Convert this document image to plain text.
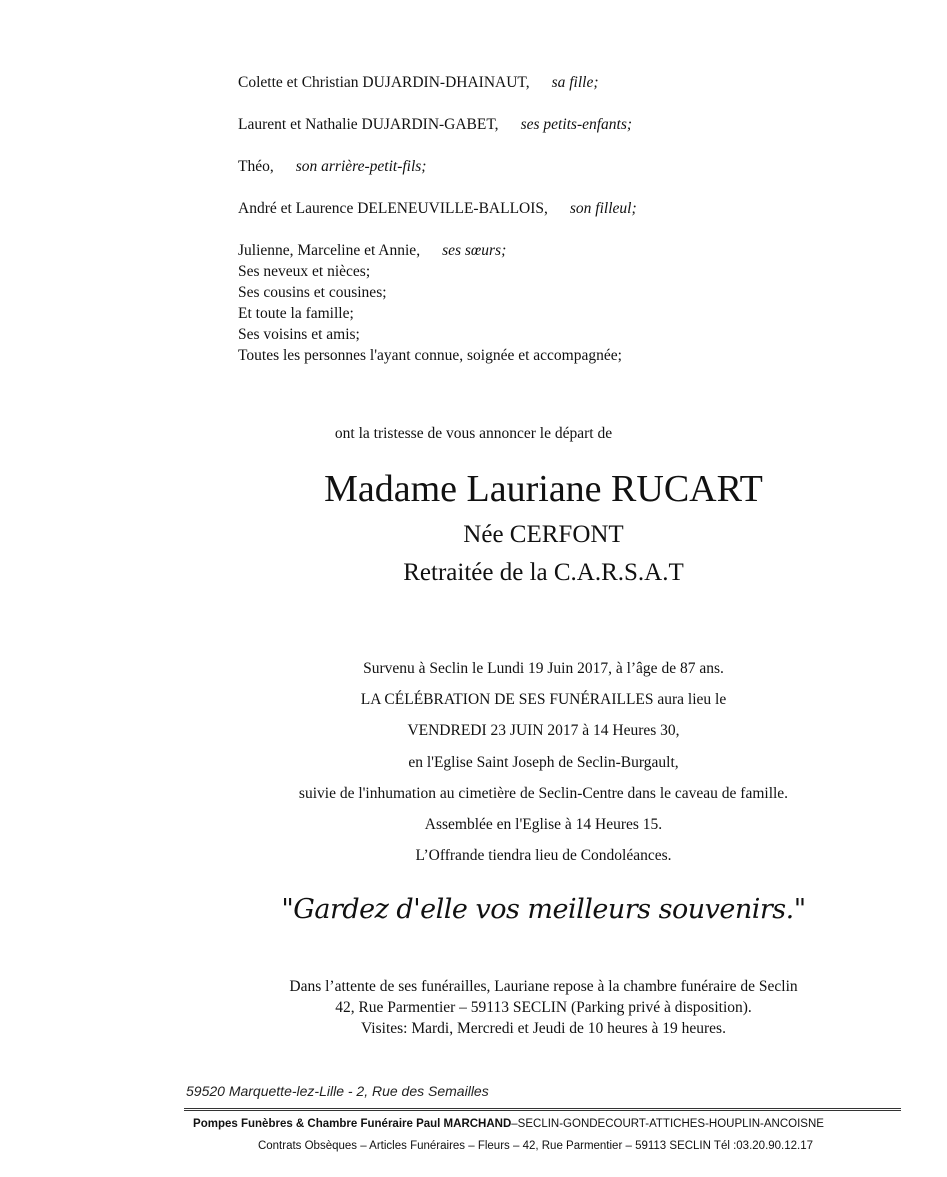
Colette et Christian DUJARDIN-DHAINAUT, sa fille;
Laurent et Nathalie DUJARDIN-GABET, ses petits-enfants;
Théo, son arrière-petit-fils;
André et Laurence DELENEUVILLE-BALLOIS, son filleul;
Julienne, Marceline et Annie, ses sœurs;
Ses neveux et nièces;
Ses cousins et cousines;
Et toute la famille;
Ses voisins et amis;
Toutes les personnes l'ayant connue, soignée et accompagnée;
ont la tristesse de vous annoncer le départ de
Madame Lauriane RUCART
Née CERFONT
Retraitée de la C.A.R.S.A.T
Survenu à Seclin le Lundi 19 Juin 2017, à l’âge de 87 ans.
LA CÉLÉBRATION DE SES FUNÉRAILLES aura lieu le
VENDREDI 23 JUIN 2017 à 14 Heures 30,
en l'Eglise Saint Joseph de Seclin-Burgault,
suivie de l'inhumation au cimetière de Seclin-Centre dans le caveau de famille.
Assemblée en l'Eglise à 14 Heures 15.
L’Offrande tiendra lieu de Condoléances.
"Gardez d'elle vos meilleurs souvenirs."
Dans l’attente de ses funérailles, Lauriane repose à la chambre funéraire de Seclin
42, Rue Parmentier – 59113 SECLIN (Parking privé à disposition).
Visites: Mardi, Mercredi et Jeudi de 10 heures à 19 heures.
59520 Marquette-lez-Lille - 2, Rue des Semailles
Pompes Funèbres & Chambre Funéraire Paul MARCHAND–SECLIN-GONDECOURT-ATTICHES-HOUPLIN-ANCOISNE
Contrats Obsèques – Articles Funéraires – Fleurs – 42, Rue Parmentier – 59113 SECLIN Tél :03.20.90.12.17
